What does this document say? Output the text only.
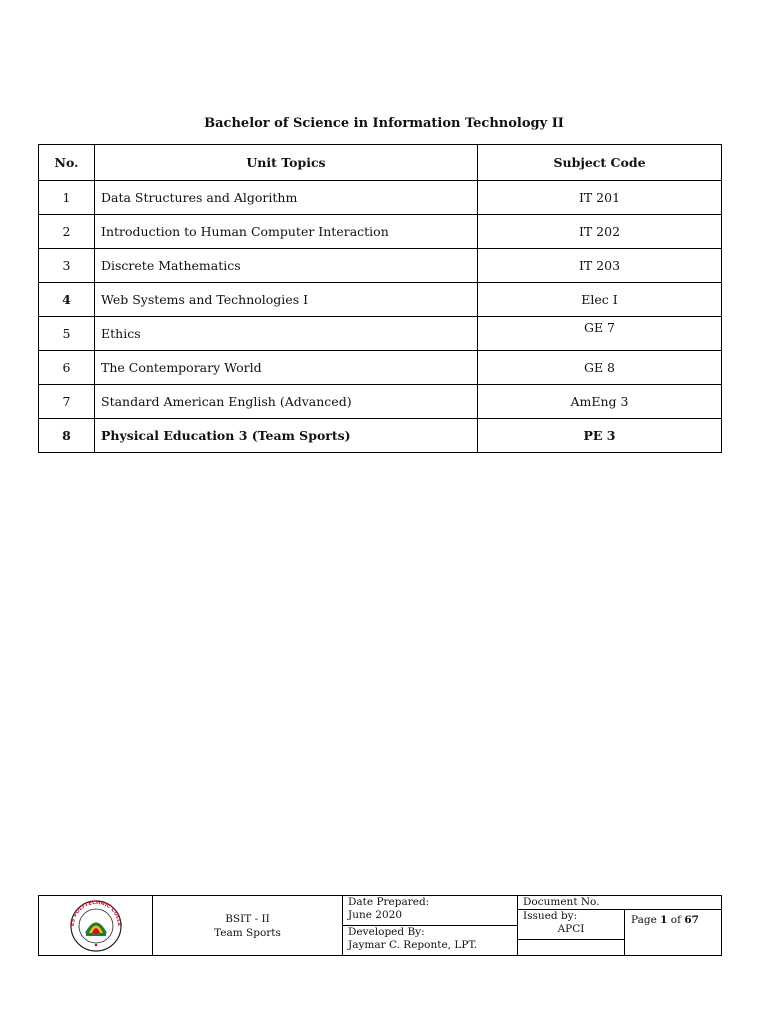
Bachelor of Science in Information Technology II
No.	Unit Topics	Subject Code
1	Data Structures and Algorithm	IT 201
2	Introduction to Human Computer Interaction	IT 202
3	Discrete Mathematics	IT 203
4	Web Systems and Technologies I	Elec I
5	Ethics	GE 7
6	The Contemporary World	GE 8
7	Standard American English (Advanced)	AmEng 3
8	Physical Education 3 (Team Sports)	PE 3
ES POLYTECHNIC COLLE	BSIT - II
Team Sports
Date Prepared:
June 2020
Developed By:
Jaymar C. Reponte, LPT.
Document No.
Issued by:
APCI
Page 1 of 67
